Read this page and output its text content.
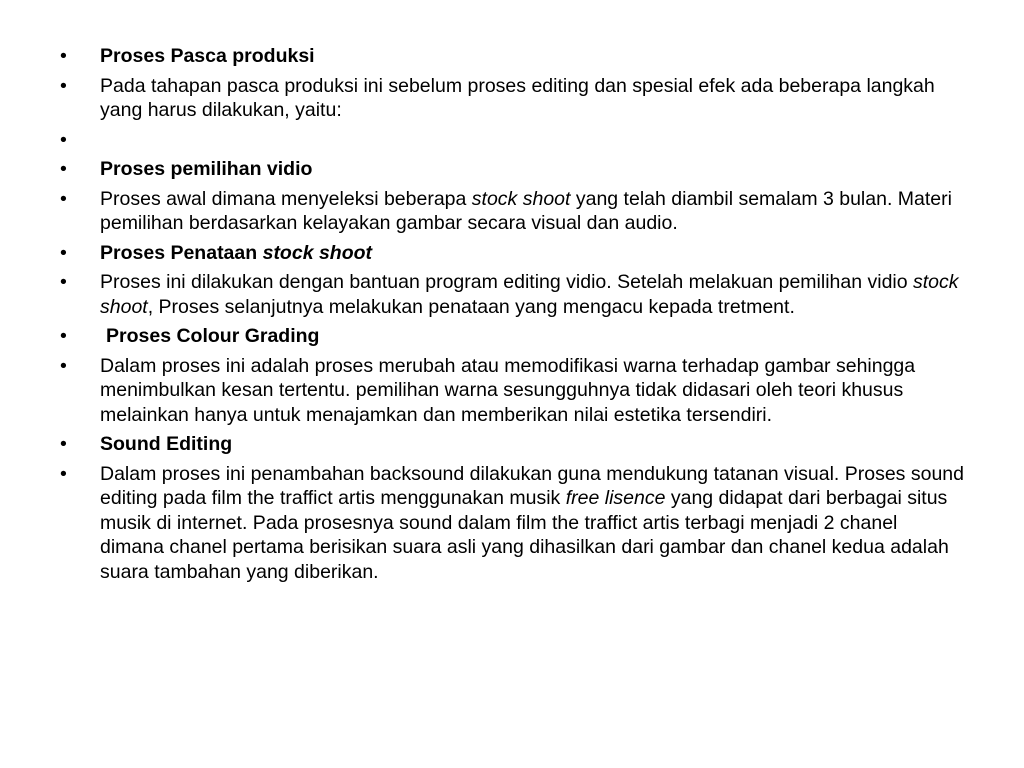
•	Proses Pasca produksi
•	Pada tahapan pasca produksi ini sebelum proses editing dan spesial efek ada beberapa langkah yang harus dilakukan, yaitu:
•
•	Proses pemilihan vidio
•	Proses awal dimana menyeleksi beberapa stock shoot yang telah diambil semalam 3 bulan. Materi pemilihan berdasarkan kelayakan gambar secara visual dan audio.
•	Proses Penataan stock shoot
•	Proses ini dilakukan dengan bantuan program editing vidio. Setelah melakuan pemilihan vidio stock shoot, Proses selanjutnya melakukan penataan yang mengacu kepada tretment.
•	Proses Colour Grading
•	Dalam proses ini adalah proses merubah atau memodifikasi warna terhadap gambar sehingga menimbulkan kesan tertentu. pemilihan warna sesungguhnya tidak didasari oleh teori khusus melainkan hanya untuk menajamkan dan memberikan nilai estetika tersendiri.
•	Sound Editing
•	Dalam proses ini penambahan backsound dilakukan guna mendukung tatanan visual. Proses sound editing pada film the traffict artis menggunakan musik free lisence yang didapat dari berbagai situs musik di internet. Pada prosesnya sound dalam film the traffict artis terbagi menjadi 2 chanel dimana chanel pertama berisikan suara asli yang dihasilkan dari gambar dan chanel kedua adalah suara tambahan yang diberikan.
